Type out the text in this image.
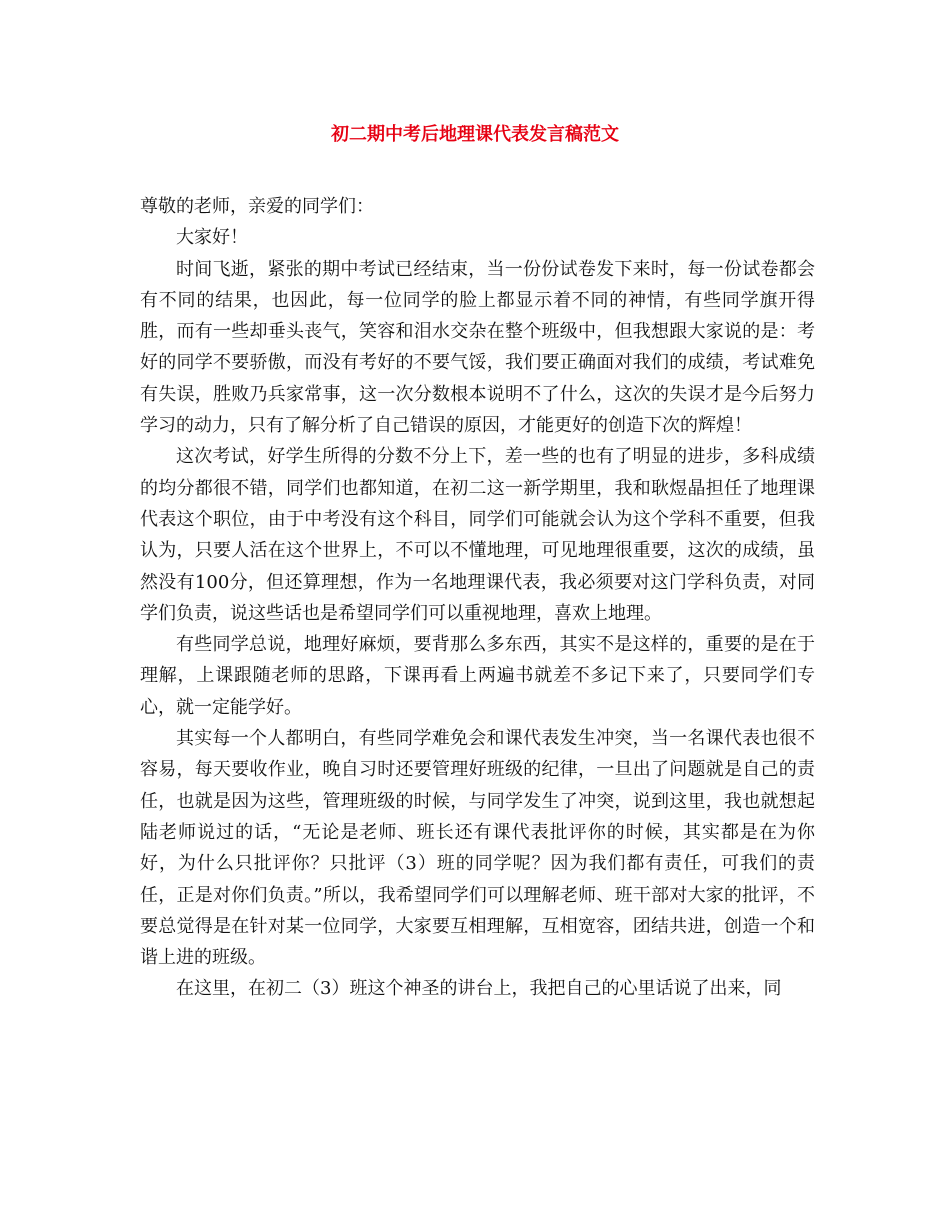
初二期中考后地理课代表发言稿范文

尊敬的老师，亲爱的同学们：

大家好！

时间飞逝，紧张的期中考试已经结束，当一份份试卷发下来时，每一份试卷都会有不同的结果，也因此，每一位同学的脸上都显示着不同的神情，有些同学旗开得胜，而有一些却垂头丧气，笑容和泪水交杂在整个班级中，但我想跟大家说的是：考好的同学不要骄傲，而没有考好的不要气馁，我们要正确面对我们的成绩，考试难免有失误，胜败乃兵家常事，这一次分数根本说明不了什么，这次的失误才是今后努力学习的动力，只有了解分析了自己错误的原因，才能更好的创造下次的辉煌！

这次考试，好学生所得的分数不分上下，差一些的也有了明显的进步，多科成绩的均分都很不错，同学们也都知道，在初二这一新学期里，我和耿煜晶担任了地理课代表这个职位，由于中考没有这个科目，同学们可能就会认为这个学科不重要，但我认为，只要人活在这个世界上，不可以不懂地理，可见地理很重要，这次的成绩，虽然没有100分，但还算理想，作为一名地理课代表，我必须要对这门学科负责，对同学们负责，说这些话也是希望同学们可以重视地理，喜欢上地理。

有些同学总说，地理好麻烦，要背那么多东西，其实不是这样的，重要的是在于理解，上课跟随老师的思路，下课再看上两遍书就差不多记下来了，只要同学们专心，就一定能学好。

其实每一个人都明白，有些同学难免会和课代表发生冲突，当一名课代表也很不容易，每天要收作业，晚自习时还要管理好班级的纪律，一旦出了问题就是自己的责任，也就是因为这些，管理班级的时候，与同学发生了冲突，说到这里，我也就想起陆老师说过的话，“无论是老师、班长还有课代表批评你的时候，其实都是在为你好，为什么只批评你？只批评（3）班的同学呢？因为我们都有责任，可我们的责任，正是对你们负责。”所以，我希望同学们可以理解老师、班干部对大家的批评，不要总觉得是在针对某一位同学，大家要互相理解，互相宽容，团结共进，创造一个和谐上进的班级。

在这里，在初二（3）班这个神圣的讲台上，我把自己的心里话说了出来，同
